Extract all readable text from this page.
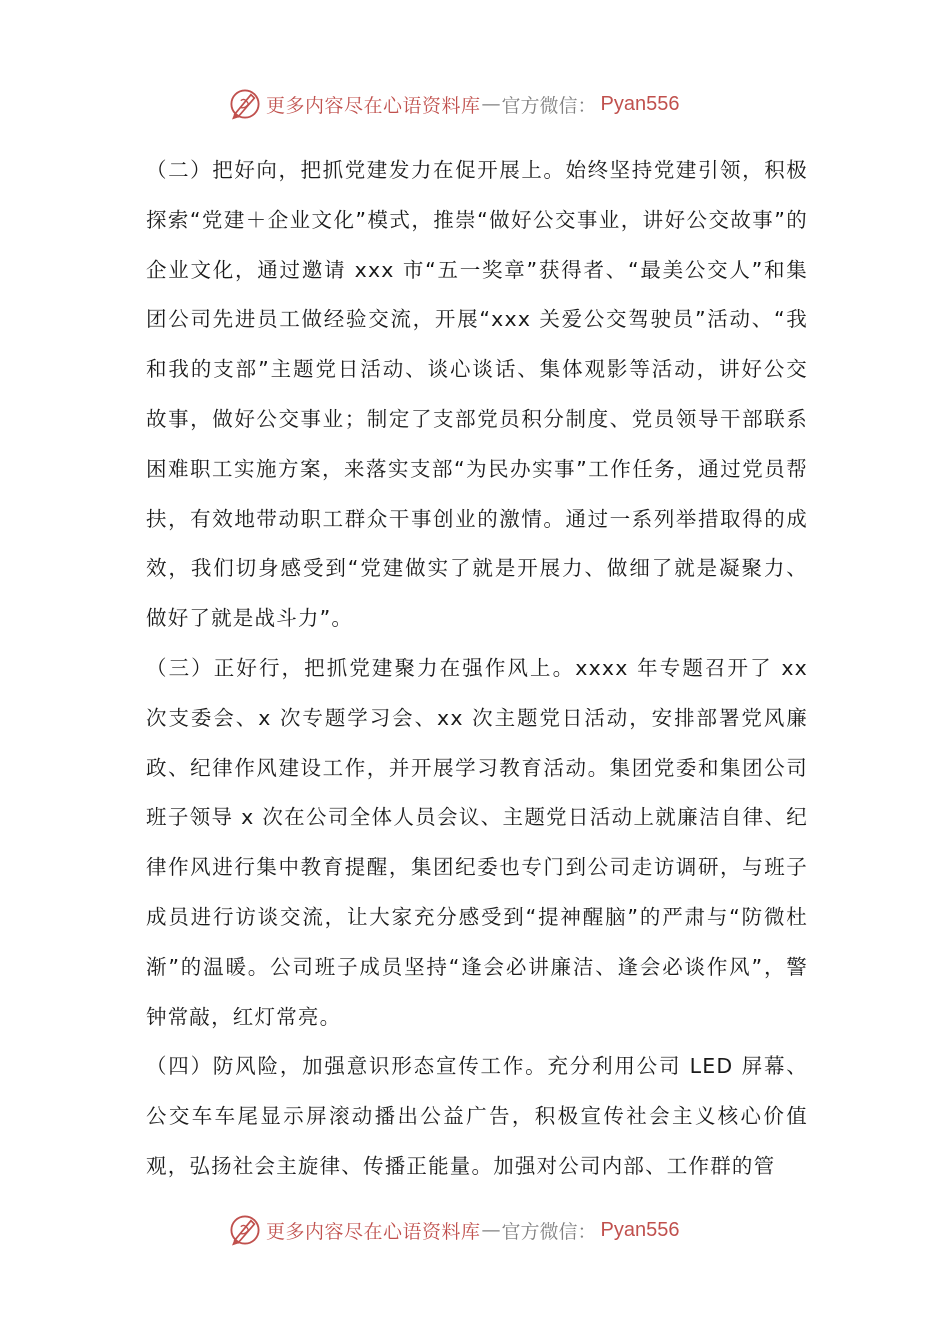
更多内容尽在心语资料库 — 官方微信： Pyan556

（二）把好向，把抓党建发力在促开展上。始终坚持党建引领，积极探索“党建＋企业文化”模式，推崇“做好公交事业，讲好公交故事”的企业文化，通过邀请 xxx 市“五一奖章”获得者、“最美公交人”和集团公司先进员工做经验交流，开展“xxx 关爱公交驾驶员”活动、“我和我的支部”主题党日活动、谈心谈话、集体观影等活动，讲好公交故事，做好公交事业；制定了支部党员积分制度、党员领导干部联系困难职工实施方案，来落实支部“为民办实事”工作任务，通过党员帮扶，有效地带动职工群众干事创业的激情。通过一系列举措取得的成效，我们切身感受到“党建做实了就是开展力、做细了就是凝聚力、做好了就是战斗力”。

（三）正好行，把抓党建聚力在强作风上。xxxx 年专题召开了 xx 次支委会、x 次专题学习会、xx 次主题党日活动，安排部署党风廉政、纪律作风建设工作，并开展学习教育活动。集团党委和集团公司班子领导 x 次在公司全体人员会议、主题党日活动上就廉洁自律、纪律作风进行集中教育提醒，集团纪委也专门到公司走访调研，与班子成员进行访谈交流，让大家充分感受到“提神醒脑”的严肃与“防微杜渐”的温暖。公司班子成员坚持“逢会必讲廉洁、逢会必谈作风”，警钟常敲，红灯常亮。

（四）防风险，加强意识形态宣传工作。充分利用公司 LED 屏幕、公交车车尾显示屏滚动播出公益广告，积极宣传社会主义核心价值观，弘扬社会主旋律、传播正能量。加强对公司内部、工作群的管

更多内容尽在心语资料库 — 官方微信： Pyan556
